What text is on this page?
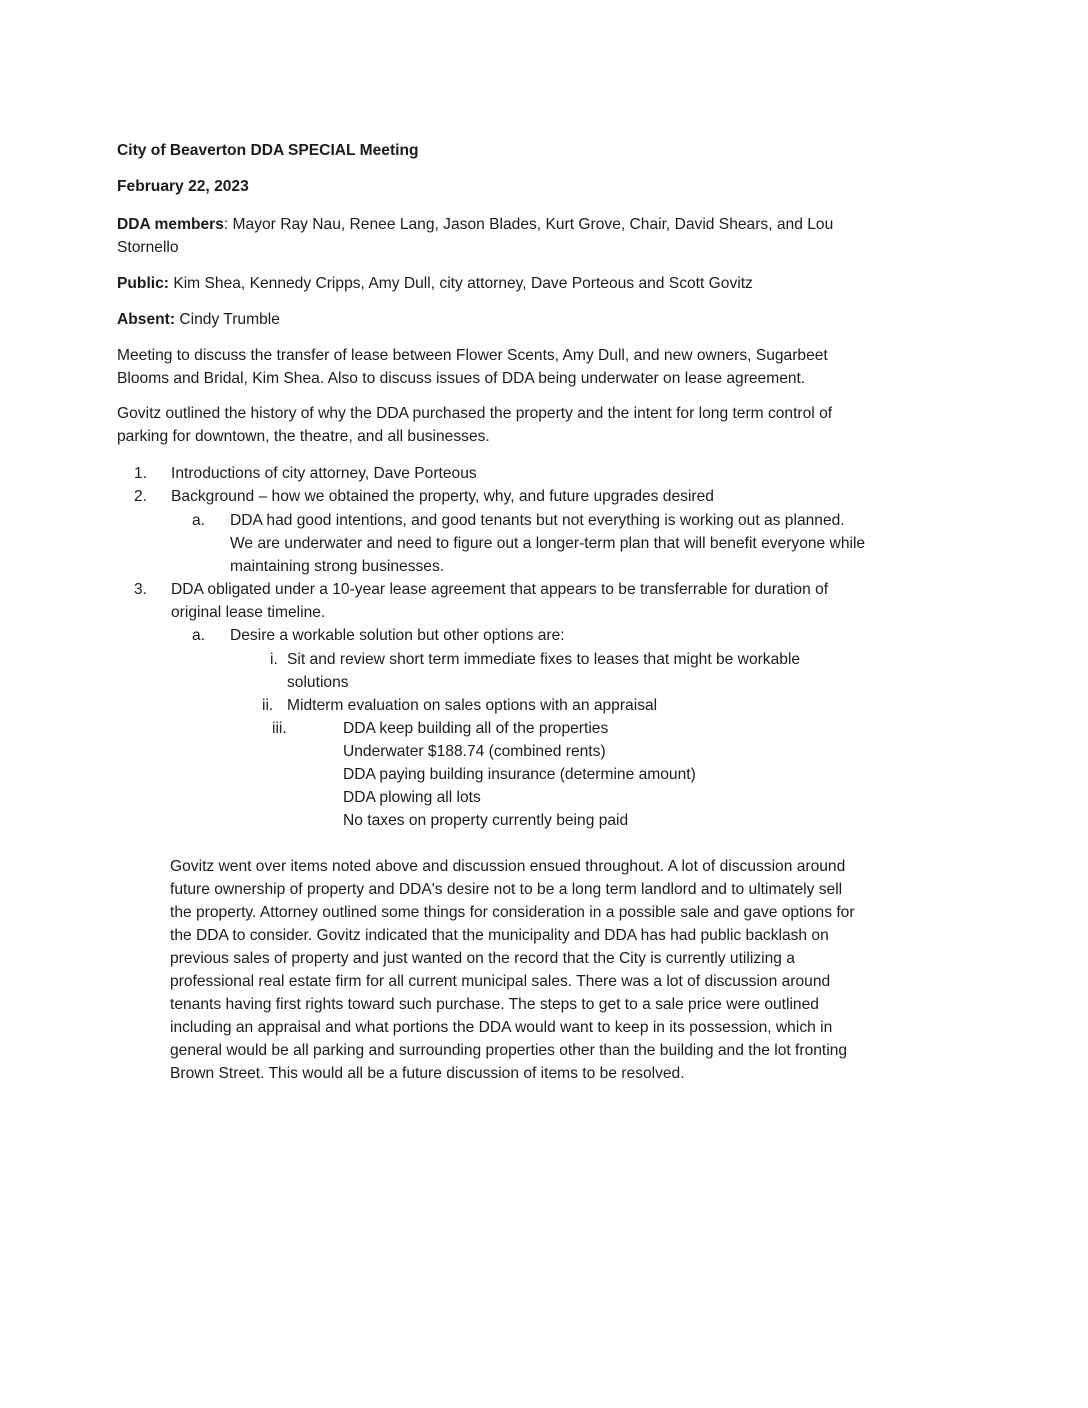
City of Beaverton DDA SPECIAL Meeting

February 22, 2023

DDA members: Mayor Ray Nau, Renee Lang, Jason Blades, Kurt Grove, Chair, David Shears, and Lou Stornello

Public: Kim Shea, Kennedy Cripps, Amy Dull, city attorney, Dave Porteous and Scott Govitz

Absent: Cindy Trumble

Meeting to discuss the transfer of lease between Flower Scents, Amy Dull, and new owners, Sugarbeet Blooms and Bridal, Kim Shea. Also to discuss issues of DDA being underwater on lease agreement.

Govitz outlined the history of why the DDA purchased the property and the intent for long term control of parking for downtown, the theatre, and all businesses.

1. Introductions of city attorney, Dave Porteous
2. Background – how we obtained the property, why, and future upgrades desired
a. DDA had good intentions, and good tenants but not everything is working out as planned. We are underwater and need to figure out a longer-term plan that will benefit everyone while maintaining strong businesses.
3. DDA obligated under a 10-year lease agreement that appears to be transferrable for duration of original lease timeline.
a. Desire a workable solution but other options are:
i. Sit and review short term immediate fixes to leases that might be workable solutions
ii. Midterm evaluation on sales options with an appraisal
iii.	DDA keep building all of the properties
Underwater $188.74 (combined rents)
DDA paying building insurance (determine amount)
DDA plowing all lots
No taxes on property currently being paid

Govitz went over items noted above and discussion ensued throughout. A lot of discussion around future ownership of property and DDA's desire not to be a long term landlord and to ultimately sell the property. Attorney outlined some things for consideration in a possible sale and gave options for the DDA to consider. Govitz indicated that the municipality and DDA has had public backlash on previous sales of property and just wanted on the record that the City is currently utilizing a professional real estate firm for all current municipal sales. There was a lot of discussion around tenants having first rights toward such purchase. The steps to get to a sale price were outlined including an appraisal and what portions the DDA would want to keep in its possession, which in general would be all parking and surrounding properties other than the building and the lot fronting Brown Street. This would all be a future discussion of items to be resolved.
